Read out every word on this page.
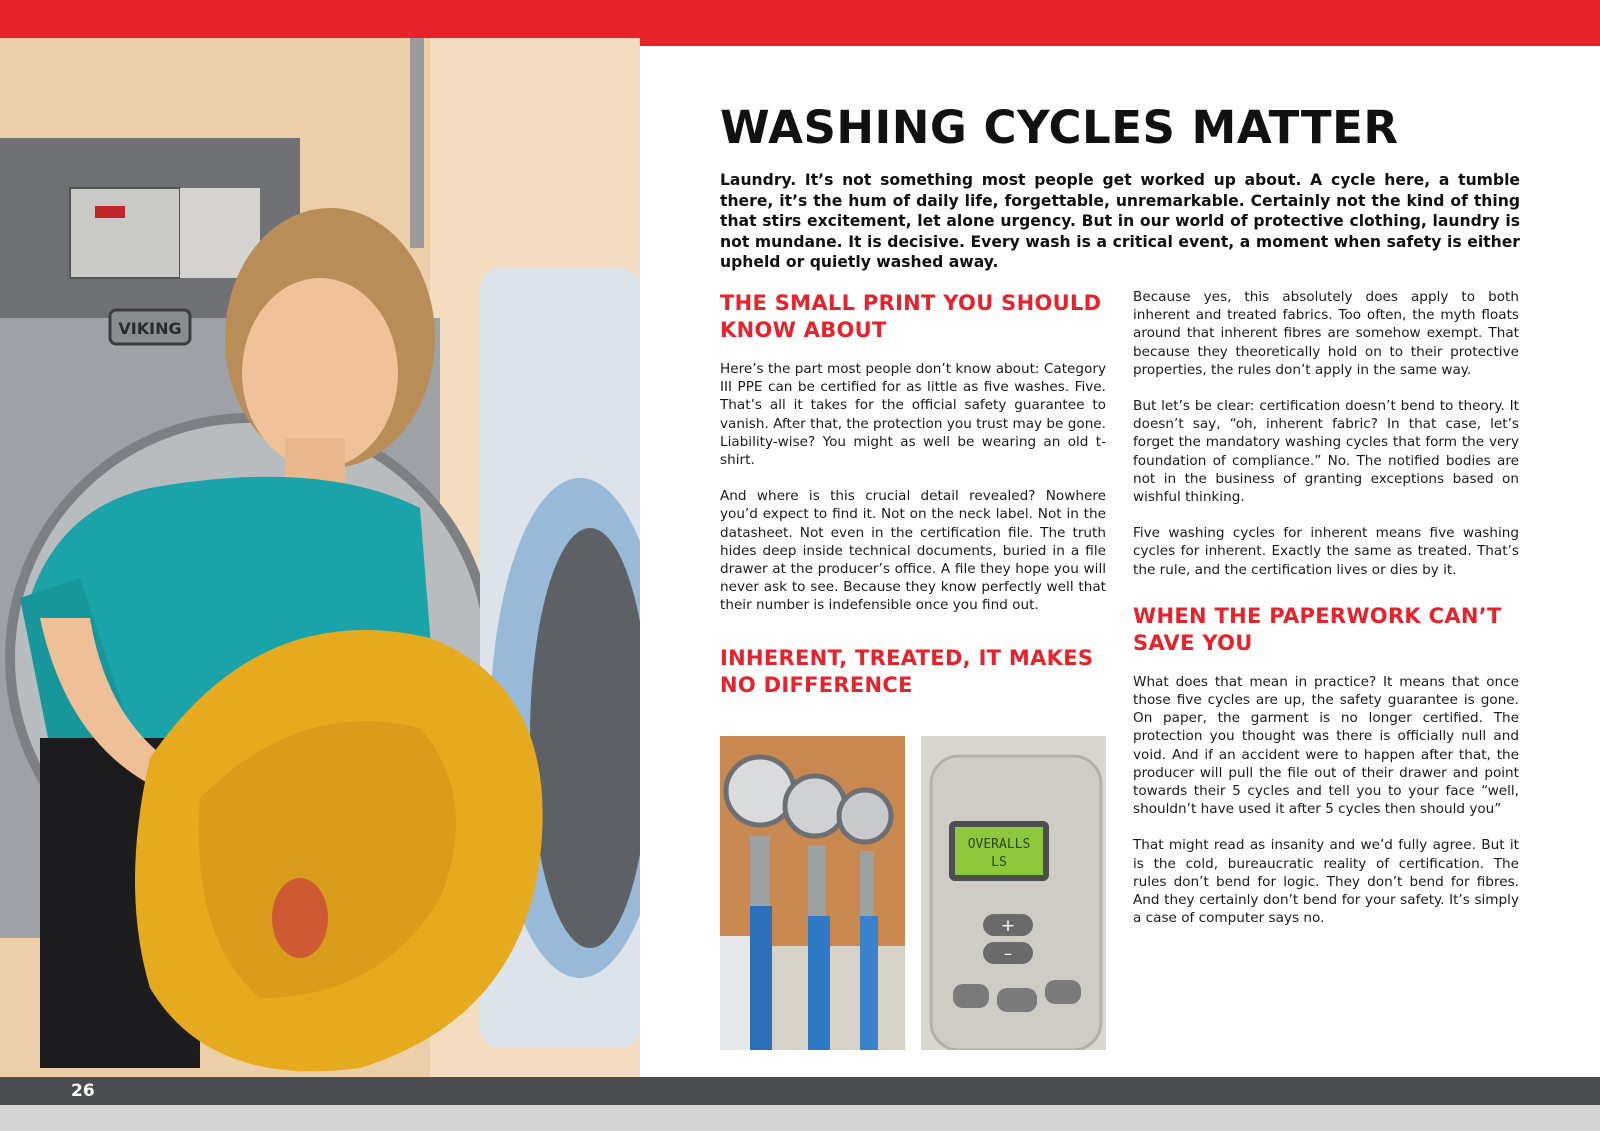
VIKING
WASHING CYCLES MATTER

Laundry. It’s not something most people get worked up about. A cycle here, a tumble there, it’s the hum of daily life, forgettable, unremarkable. Certainly not the kind of thing that stirs excitement, let alone urgency. But in our world of protective clothing, laundry is not mundane. It is decisive. Every wash is a critical event, a moment when safety is either upheld or quietly washed away.

THE SMALL PRINT YOU SHOULD KNOW ABOUT

Here’s the part most people don’t know about: Category III PPE can be certified for as little as five washes. Five. That’s all it takes for the official safety guarantee to vanish. After that, the protection you trust may be gone. Liability-wise? You might as well be wearing an old t-shirt.

And where is this crucial detail revealed? Nowhere you’d expect to find it. Not on the neck label. Not in the datasheet. Not even in the certification file. The truth hides deep inside technical documents, buried in a file drawer at the producer’s office. A file they hope you will never ask to see. Because they know perfectly well that their number is indefensible once you find out.

INHERENT, TREATED, IT MAKES NO DIFFERENCE
OVERALLS
LS
+
–

Because yes, this absolutely does apply to both inherent and treated fabrics. Too often, the myth floats around that inherent fibres are somehow exempt. That because they theoretically hold on to their protective properties, the rules don’t apply in the same way.

But let’s be clear: certification doesn’t bend to theory. It doesn’t say, “oh, inherent fabric? In that case, let’s forget the mandatory washing cycles that form the very foundation of compliance.” No. The notified bodies are not in the business of granting exceptions based on wishful thinking.

Five washing cycles for inherent means five washing cycles for inherent. Exactly the same as treated. That’s the rule, and the certification lives or dies by it.

WHEN THE PAPERWORK CAN’T SAVE YOU

What does that mean in practice? It means that once those five cycles are up, the safety guarantee is gone. On paper, the garment is no longer certified. The protection you thought was there is officially null and void. And if an accident were to happen after that, the producer will pull the file out of their drawer and point towards their 5 cycles and tell you to your face “well, shouldn’t have used it after 5 cycles then should you”

That might read as insanity and we’d fully agree. But it is the cold, bureaucratic reality of certification. The rules don’t bend for logic. They don’t bend for fibres. And they certainly don’t bend for your safety. It’s simply a case of computer says no.

26
